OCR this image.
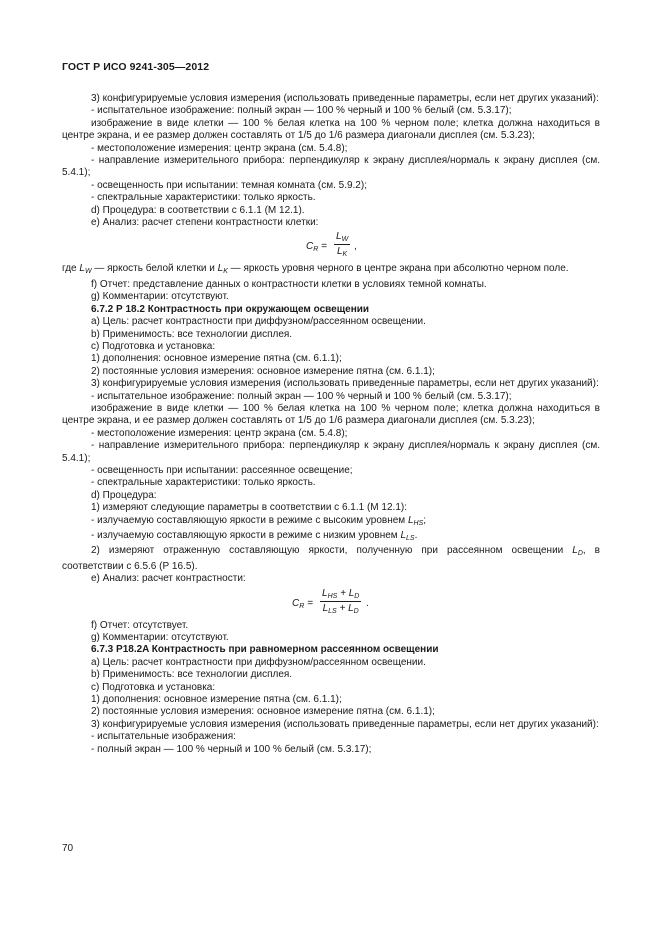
ГОСТ Р ИСО 9241-305—2012

3) конфигурируемые условия измерения (использовать приведенные параметры, если нет других указаний):

- испытательное изображение: полный экран — 100 % черный и 100 % белый (см. 5.3.17);

изображение в виде клетки — 100 % белая клетка на 100 % черном поле; клетка должна находиться в центре экрана, и ее размер должен составлять от 1/5 до 1/6 размера диагонали дисплея (см. 5.3.23);

- местоположение измерения: центр экрана (см. 5.4.8);

- направление измерительного прибора: перпендикуляр к экрану дисплея/нормаль к экрану дисплея (см. 5.4.1);

- освещенность при испытании: темная комната (см. 5.9.2);

- спектральные характеристики: только яркость.

d) Процедура: в соответствии с 6.1.1 (М 12.1).

e) Анализ: расчет степени контрастности клетки:

$C_R = \frac{L_W}{L_K}$ ,

где $L_W$ — яркость белой клетки и $L_K$ — яркость уровня черного в центре экрана при абсолютно черном поле.

f) Отчет: представление данных о контрастности клетки в условиях темной комнаты.

g) Комментарии: отсутствуют.

6.7.2 Р 18.2 Контрастность при окружающем освещении

a) Цель: расчет контрастности при диффузном/рассеянном освещении.

b) Применимость: все технологии дисплея.

c) Подготовка и установка:

1) дополнения: основное измерение пятна (см. 6.1.1);

2) постоянные условия измерения: основное измерение пятна (см. 6.1.1);

3) конфигурируемые условия измерения (использовать приведенные параметры, если нет других указаний):

- испытательное изображение: полный экран — 100 % черный и 100 % белый (см. 5.3.17);

изображение в виде клетки — 100 % белая клетка на 100 % черном поле; клетка должна находиться в центре экрана, и ее размер должен составлять от 1/5 до 1/6 размера диагонали дисплея (см. 5.3.23);

- местоположение измерения: центр экрана (см. 5.4.8);

- направление измерительного прибора: перпендикуляр к экрану дисплея/нормаль к экрану дисплея (см. 5.4.1);

- освещенность при испытании: рассеянное освещение;

- спектральные характеристики: только яркость.

d) Процедура:

1) измеряют следующие параметры в соответствии с 6.1.1 (М 12.1):

- излучаемую составляющую яркости в режиме с высоким уровнем $L_{HS}$;

- излучаемую составляющую яркости в режиме с низким уровнем $L_{LS}$.

2) измеряют отраженную составляющую яркости, полученную при рассеянном освещении $L_D$, в соответствии с 6.5.6 (Р 16.5).

e) Анализ: расчет контрастности:

$C_R$ =
$L_{HS} + L_D$
$L_{LS} + L_D$
.

f) Отчет: отсутствует.

g) Комментарии: отсутствуют.

6.7.3 Р18.2A Контрастность при равномерном рассеянном освещении

a) Цель: расчет контрастности при диффузном/рассеянном освещении.

b) Применимость: все технологии дисплея.

c) Подготовка и установка:

1) дополнения: основное измерение пятна (см. 6.1.1);

2) постоянные условия измерения: основное измерение пятна (см. 6.1.1);

3) конфигурируемые условия измерения (использовать приведенные параметры, если нет других указаний):

- испытательные изображения:

- полный экран — 100 % черный и 100 % белый (см. 5.3.17);

70
